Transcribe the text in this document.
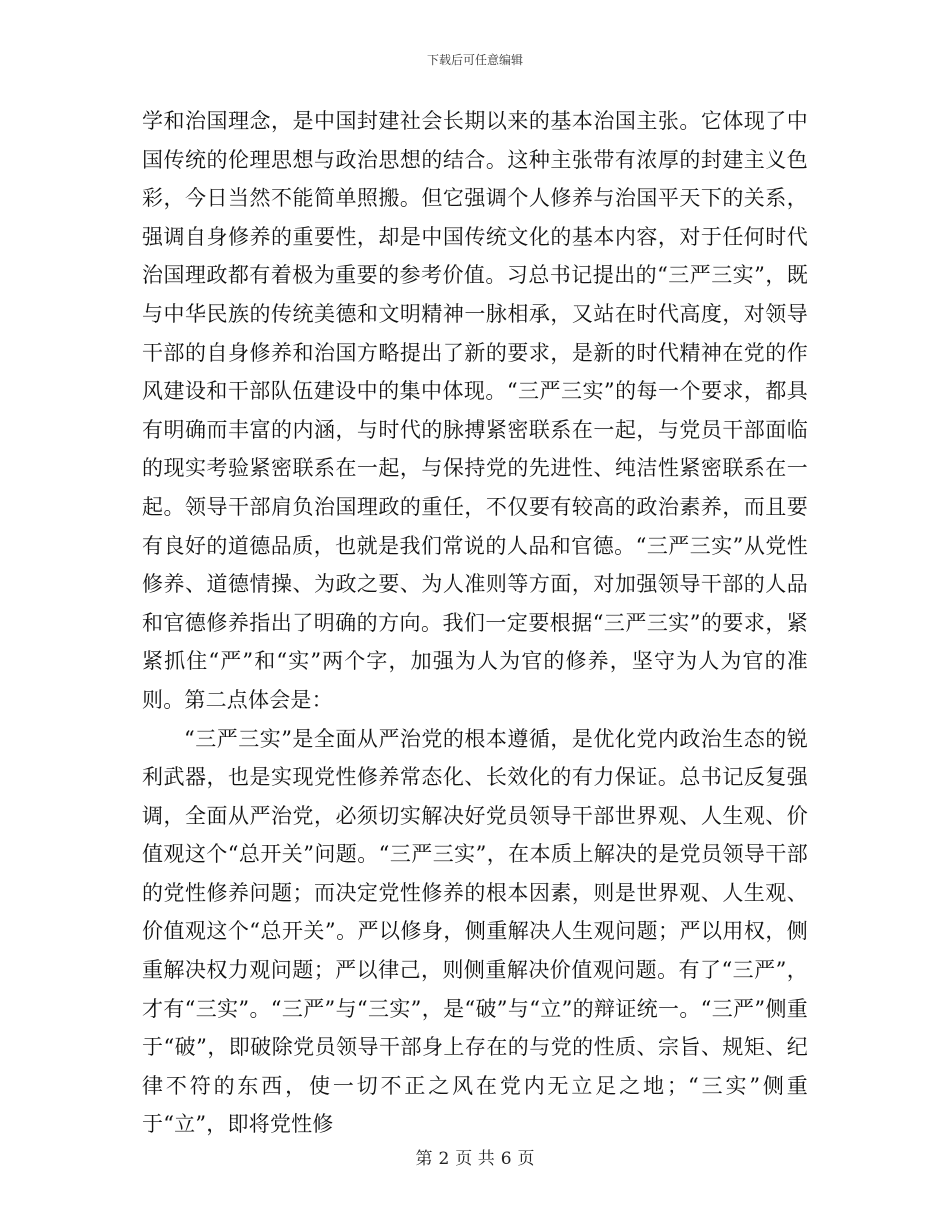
下载后可任意编辑

学和治国理念，是中国封建社会长期以来的基本治国主张。它体现了中国传统的伦理思想与政治思想的结合。这种主张带有浓厚的封建主义色彩，今日当然不能简单照搬。但它强调个人修养与治国平天下的关系，强调自身修养的重要性，却是中国传统文化的基本内容，对于任何时代治国理政都有着极为重要的参考价值。习总书记提出的“三严三实”，既与中华民族的传统美德和文明精神一脉相承，又站在时代高度，对领导干部的自身修养和治国方略提出了新的要求，是新的时代精神在党的作风建设和干部队伍建设中的集中体现。“三严三实”的每一个要求，都具有明确而丰富的内涵，与时代的脉搏紧密联系在一起，与党员干部面临的现实考验紧密联系在一起，与保持党的先进性、纯洁性紧密联系在一起。领导干部肩负治国理政的重任，不仅要有较高的政治素养，而且要有良好的道德品质，也就是我们常说的人品和官德。“三严三实”从党性修养、道德情操、为政之要、为人准则等方面，对加强领导干部的人品和官德修养指出了明确的方向。我们一定要根据“三严三实”的要求，紧紧抓住“严”和“实”两个字，加强为人为官的修养，坚守为人为官的准则。第二点体会是：

“三严三实”是全面从严治党的根本遵循，是优化党内政治生态的锐利武器，也是实现党性修养常态化、长效化的有力保证。总书记反复强调，全面从严治党，必须切实解决好党员领导干部世界观、人生观、价值观这个“总开关”问题。“三严三实”，在本质上解决的是党员领导干部的党性修养问题；而决定党性修养的根本因素，则是世界观、人生观、价值观这个“总开关”。严以修身，侧重解决人生观问题；严以用权，侧重解决权力观问题；严以律己，则侧重解决价值观问题。有了“三严”，才有“三实”。“三严”与“三实”，是“破”与“立”的辩证统一。“三严”侧重于“破”，即破除党员领导干部身上存在的与党的性质、宗旨、规矩、纪律不符的东西，使一切不正之风在党内无立足之地；“三实”侧重于“立”，即将党性修

第 2 页 共 6 页
